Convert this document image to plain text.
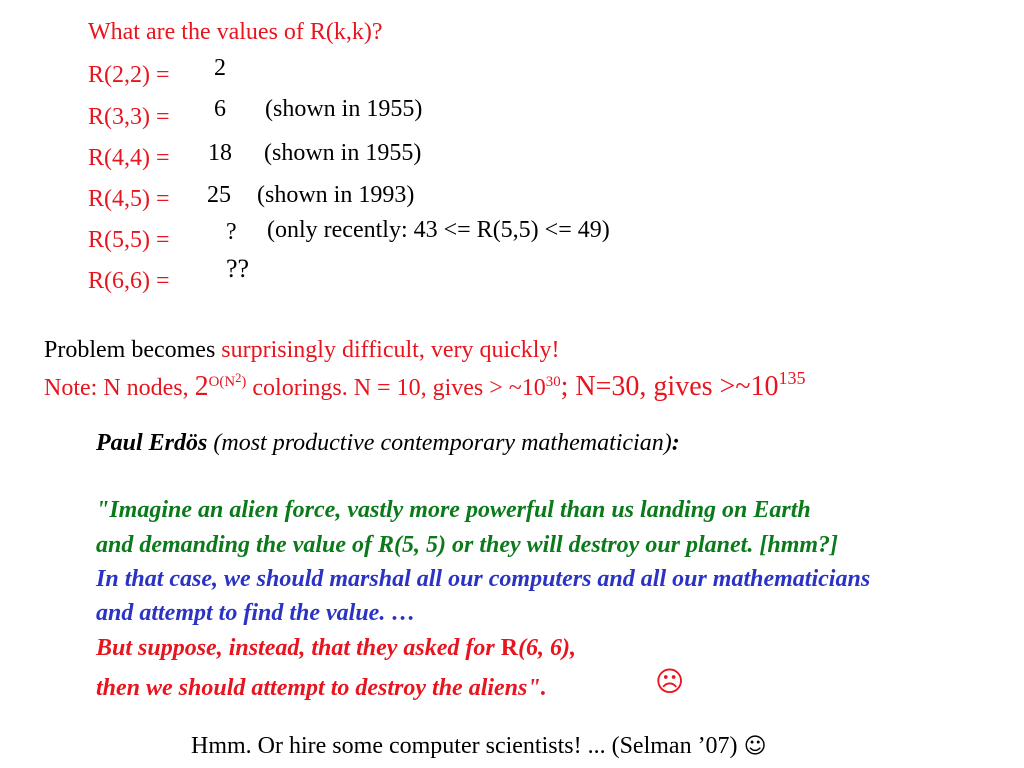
What are the values of R(k,k)?
R(2,2) = 2
R(3,3) = 6 (shown in 1955)
R(4,4) = 18 (shown in 1955)
R(4,5) = 25 (shown in 1993)
R(5,5) = ? (only recently: 43 <= R(5,5) <= 49)
R(6,6) = ??
Problem becomes surprisingly difficult, very quickly!
Note: N nodes, $2^{O(N^2)}$ colorings. N = 10, gives > $\sim 10^{30}$; N=30, gives $>\sim 10^{135}$
Paul Erdös (most productive contemporary mathematician):
"Imagine an alien force, vastly more powerful than us landing on Earth
and demanding the value of R(5, 5) or they will destroy our planet. [hmm?]
In that case, we should marshal all our computers and all our mathematicians
and attempt to find the value. …
But suppose, instead, that they asked for R(6, 6),
then we should attempt to destroy the aliens".	☹
Hmm. Or hire some computer scientists! ... (Selman ’07) ☺
